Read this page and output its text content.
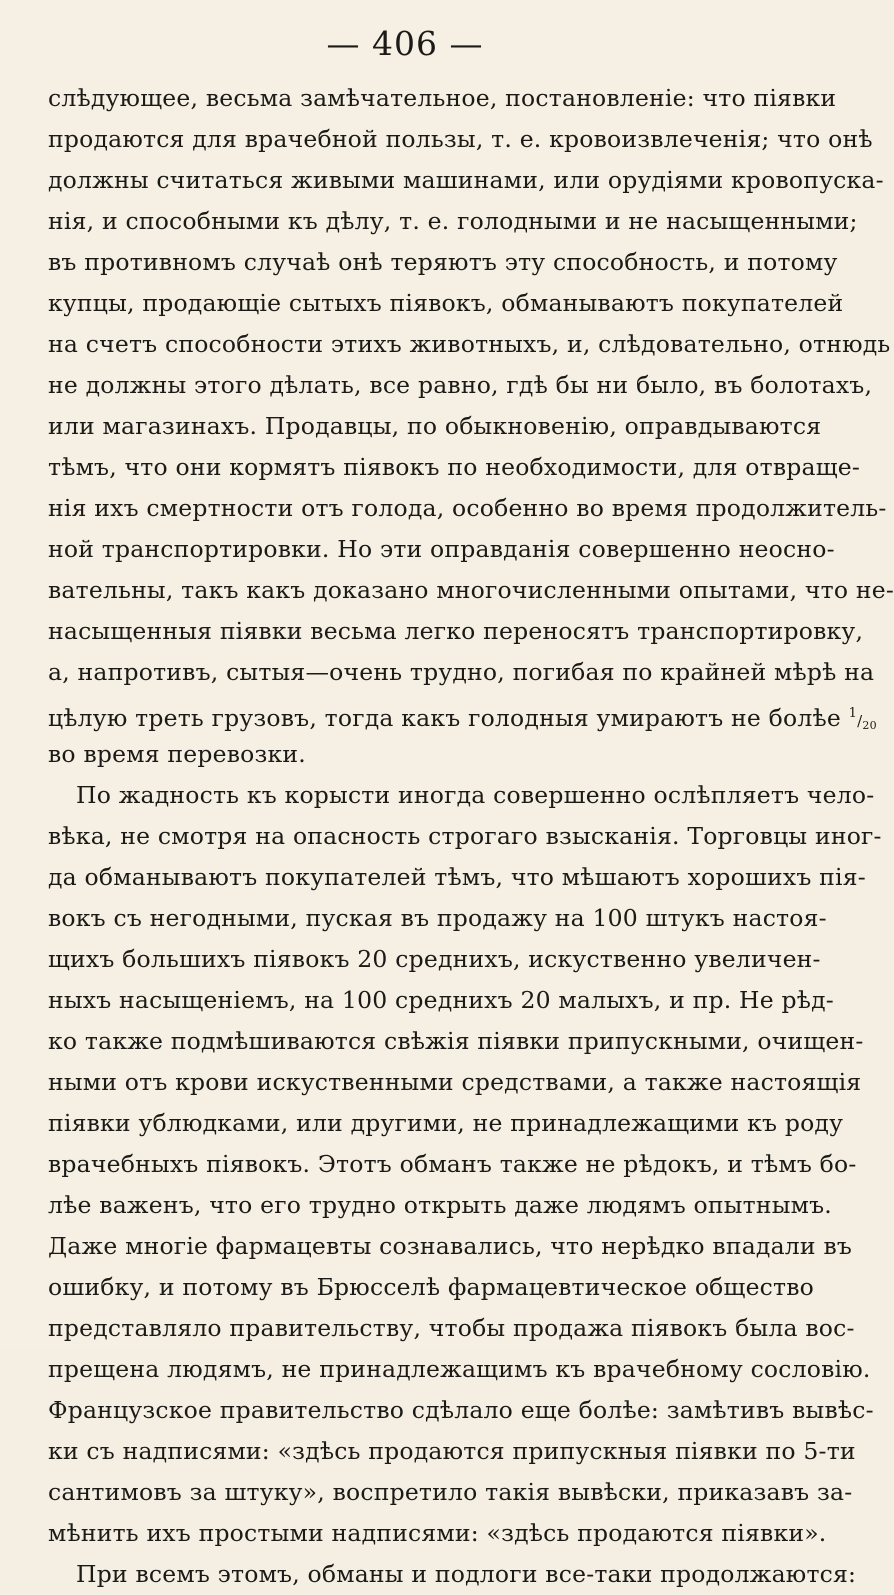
— 406 —
слѣдующее, весьма замѣчательное, постановленіе: что піявки
продаются для врачебной пользы, т. е. кровоизвлеченія; что онѣ
должны считаться живыми машинами, или орудіями кровопуска-
нія, и способными къ дѣлу, т. е. голодными и не насыщенными;
въ противномъ случаѣ онѣ теряютъ эту способность, и потому
купцы, продающіе сытыхъ піявокъ, обманываютъ покупателей
на счетъ способности этихъ животныхъ, и, слѣдовательно, отнюдь
не должны этого дѣлать, все равно, гдѣ бы ни было, въ болотахъ,
или магазинахъ. Продавцы, по обыкновенію, оправдываются
тѣмъ, что они кормятъ піявокъ по необходимости, для отвраще-
нія ихъ смертности отъ голода, особенно во время продолжитель-
ной транспортировки. Но эти оправданія совершенно неосно-
вательны, такъ какъ доказано многочисленными опытами, что не-
насыщенныя піявки весьма легко переносятъ транспортировку,
а, напротивъ, сытыя—очень трудно, погибая по крайней мѣрѣ на
цѣлую треть грузовъ, тогда какъ голодныя умираютъ не болѣе $^1/_{20}$
во время перевозки.
По жадность къ корысти иногда совершенно ослѣпляетъ чело-
вѣка, не смотря на опасность строгаго взысканія. Торговцы иног-
да обманываютъ покупателей тѣмъ, что мѣшаютъ хорошихъ пія-
вокъ съ негодными, пуская въ продажу на 100 штукъ настоя-
щихъ большихъ піявокъ 20 среднихъ, искуственно увеличен-
ныхъ насыщеніемъ, на 100 среднихъ 20 малыхъ, и пр. Не рѣд-
ко также подмѣшиваются свѣжія піявки припускными, очищен-
ными отъ крови искуственными средствами, а также настоящія
піявки ублюдками, или другими, не принадлежащими къ роду
врачебныхъ піявокъ. Этотъ обманъ также не рѣдокъ, и тѣмъ бо-
лѣе важенъ, что его трудно открыть даже людямъ опытнымъ.
Даже многіе фармацевты сознавались, что нерѣдко впадали въ
ошибку, и потому въ Брюсселѣ фармацевтическое общество
представляло правительству, чтобы продажа піявокъ была вос-
прещена людямъ, не принадлежащимъ къ врачебному сословію.
Французское правительство сдѣлало еще болѣе: замѣтивъ вывѣс-
ки съ надписями: «здѣсь продаются припускныя піявки по 5-ти
сантимовъ за штуку», воспретило такія вывѣски, приказавъ за-
мѣнить ихъ простыми надписями: «здѣсь продаются піявки».
При всемъ этомъ, обманы и подлоги все-таки продолжаются:
